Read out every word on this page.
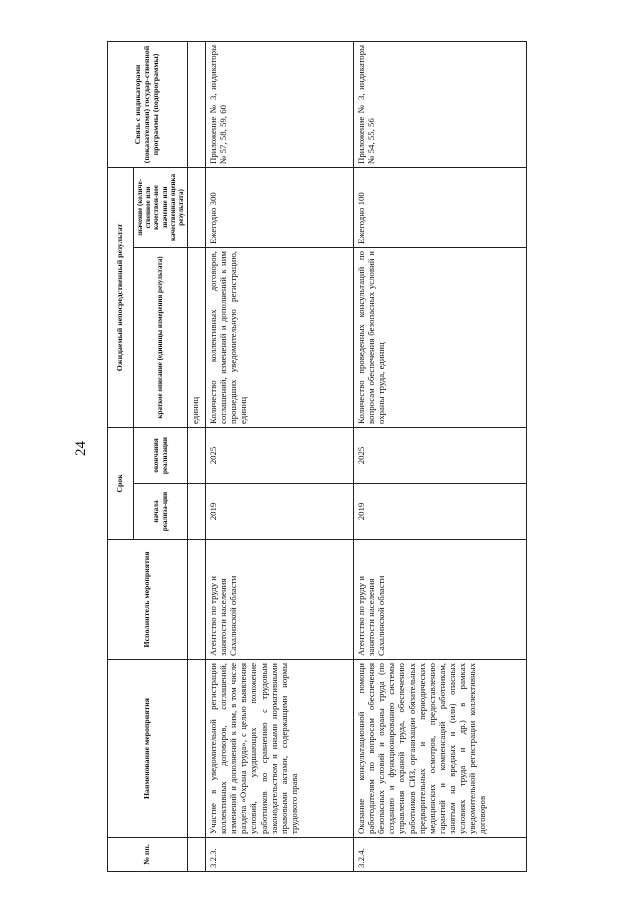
24
№ пп.	Наименование мероприятия	Исполнитель мероприятия	Срок		Ожидаемый непосредственный результат		Связь с индикаторами (показателями) государ-ственной программы (подпрограммы)
			начала реализа-ции	окончания реализации	краткое описание (единицы измерения результата)	значение (количе-ственное или качествен-ное значение или качественная оценка результата)	
					единиц		
3.2.3.	Участие в уведомительной регистрации коллективных договоров, соглашений, изменений и дополнений к ним, в том числе раздела «Охрана труда», с целью выявления условий, ухудшающих положение работников по сравнению с трудовым законодательством и иными нормативными правовыми актами, содержащими нормы трудового права	Агентство по труду и занятости населения Сахалинской области	2019	2025	Количество коллективных договоров, соглашений, изменений и дополнений к ним прошедших уведомительную регистрацию, единиц	Ежегодно 300	Приложение № 3, индикаторы № 57, 58, 59, 60
3.2.4.	Оказание консультационной помощи работодателям по вопросам обеспечения безопасных условий и охраны труда (по созданию и функционированию системы управления охраной труда, обеспечению работников СИЗ, организации обязательных предварительных и периодических медицинских осмотров, предоставлению гарантий и компенсаций работникам, занятым на вредных и (или) опасных условиях труда и др.) в рамках уведомительной регистрации коллективных договоров	Агентство по труду и занятости населения Сахалинской области	2019	2025	Количество проведенных консультаций по вопросам обеспечения безопасных условий и охраны труда, единиц	Ежегодно 100	Приложение № 3, индикаторы № 54, 55, 56
